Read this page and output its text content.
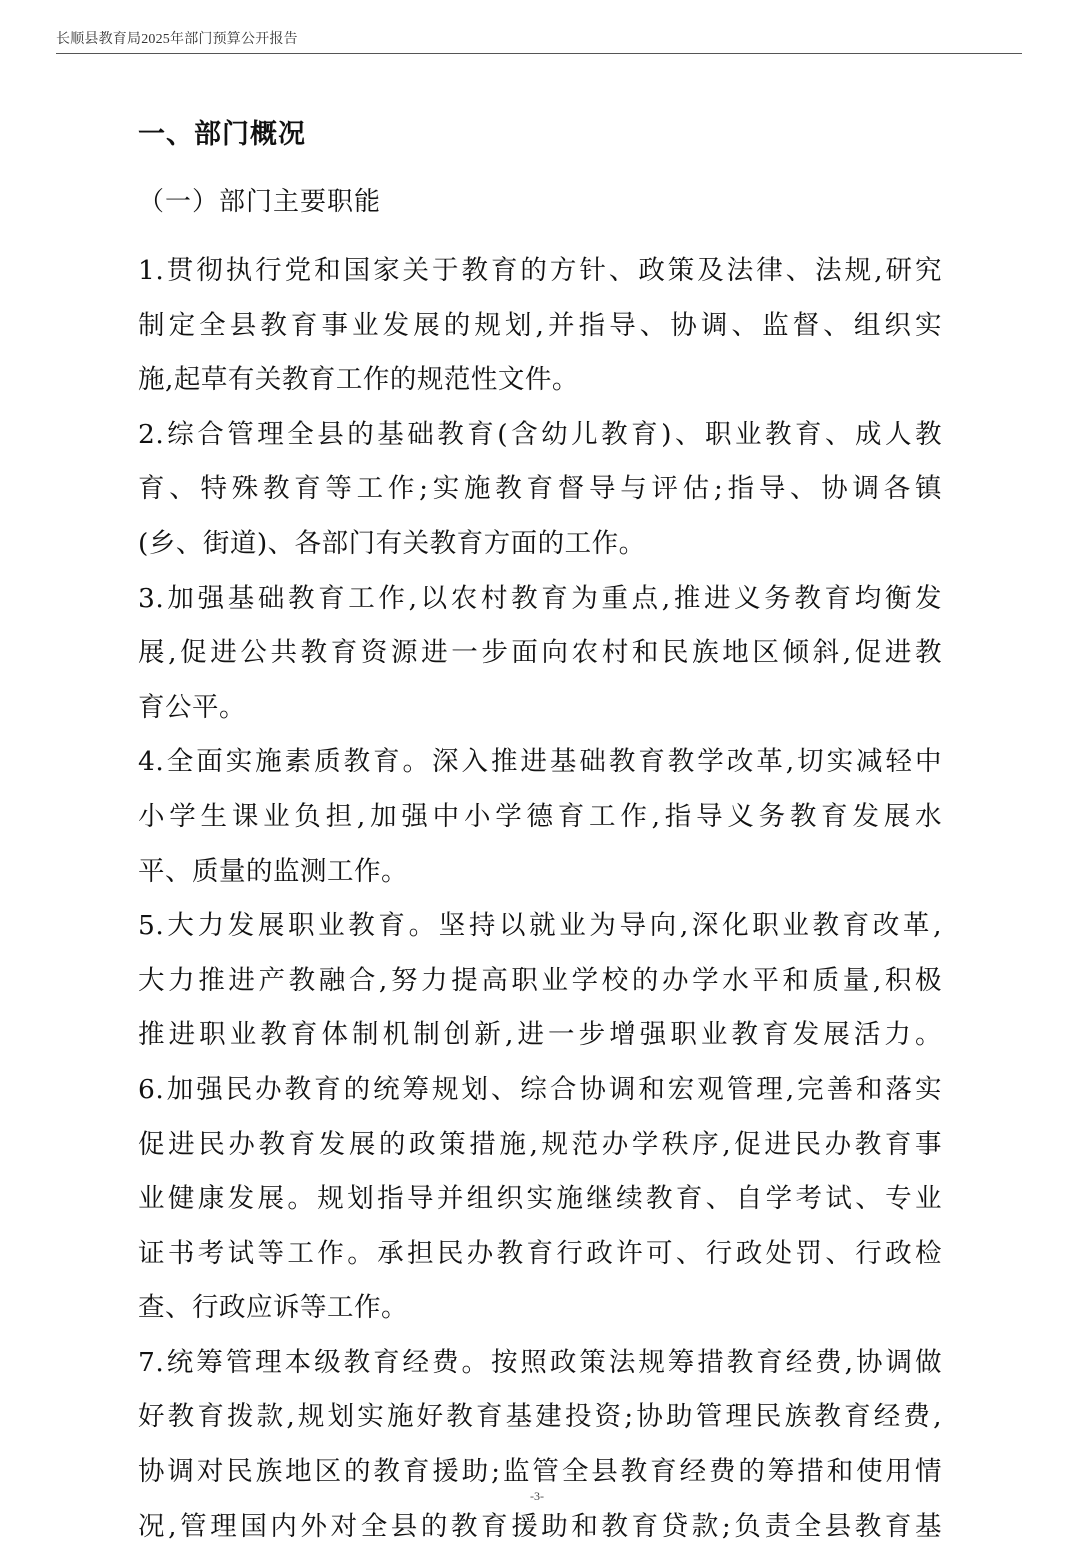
长顺县教育局2025年部门预算公开报告
一、部门概况
（一）部门主要职能
1.贯彻执行党和国家关于教育的方针、政策及法律、法规,研究
制定全县教育事业发展的规划,并指导、协调、监督、组织实
施,起草有关教育工作的规范性文件。
2.综合管理全县的基础教育(含幼儿教育)、职业教育、成人教
育、特殊教育等工作;实施教育督导与评估;指导、协调各镇
(乡、街道)、各部门有关教育方面的工作。
3.加强基础教育工作,以农村教育为重点,推进义务教育均衡发
展,促进公共教育资源进一步面向农村和民族地区倾斜,促进教
育公平。
4.全面实施素质教育。深入推进基础教育教学改革,切实减轻中
小学生课业负担,加强中小学德育工作,指导义务教育发展水
平、质量的监测工作。
5.大力发展职业教育。坚持以就业为导向,深化职业教育改革,
大力推进产教融合,努力提高职业学校的办学水平和质量,积极
推进职业教育体制机制创新,进一步增强职业教育发展活力。
6.加强民办教育的统筹规划、综合协调和宏观管理,完善和落实
促进民办教育发展的政策措施,规范办学秩序,促进民办教育事
业健康发展。规划指导并组织实施继续教育、自学考试、专业
证书考试等工作。承担民办教育行政许可、行政处罚、行政检
查、行政应诉等工作。
7.统筹管理本级教育经费。按照政策法规筹措教育经费,协调做
好教育拨款,规划实施好教育基建投资;协助管理民族教育经费,
协调对民族地区的教育援助;监管全县教育经费的筹措和使用情
况,管理国内外对全县的教育援助和教育贷款;负责全县教育基
-3-
